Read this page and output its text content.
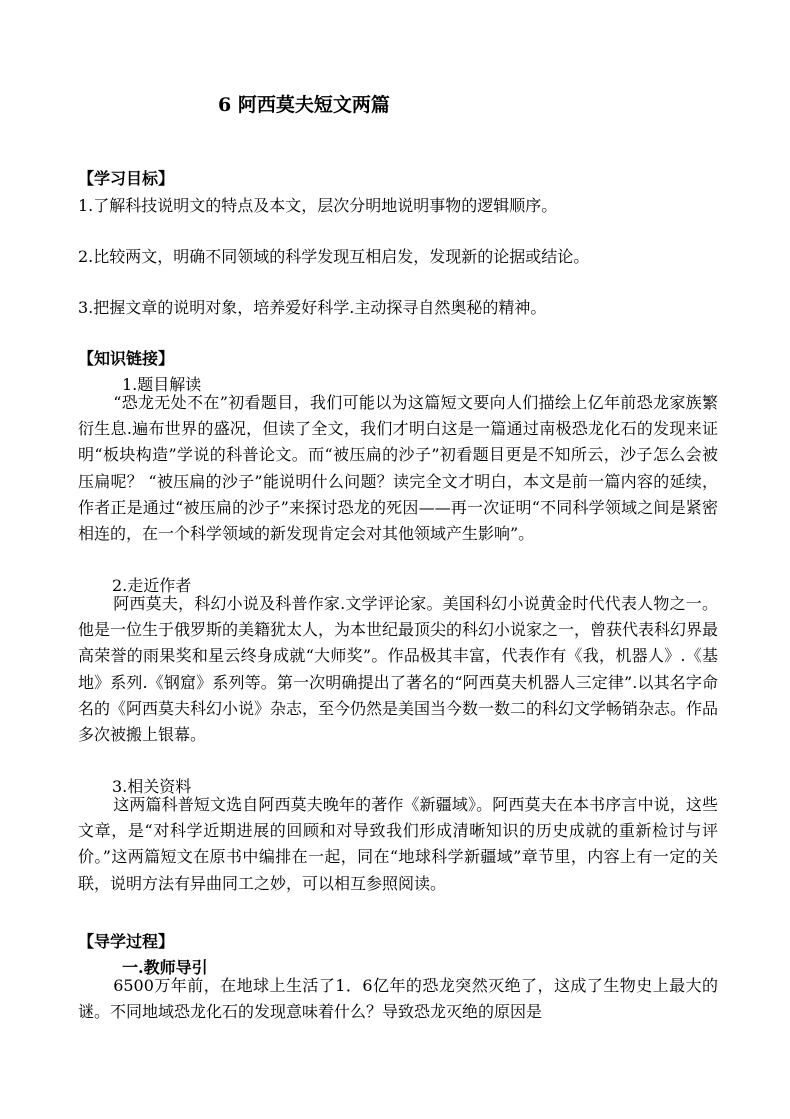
6 阿西莫夫短文两篇
【学习目标】
1.了解科技说明文的特点及本文，层次分明地说明事物的逻辑顺序。
2.比较两文，明确不同领域的科学发现互相启发，发现新的论据或结论。
3.把握文章的说明对象，培养爱好科学.主动探寻自然奥秘的精神。
【知识链接】
1.题目解读
“恐龙无处不在”初看题目，我们可能以为这篇短文要向人们描绘上亿年前恐龙家族繁衍生息.遍布世界的盛况，但读了全文，我们才明白这是一篇通过南极恐龙化石的发现来证明“板块构造”学说的科普论文。而“被压扁的沙子”初看题目更是不知所云，沙子怎么会被压扁呢？ “被压扁的沙子”能说明什么问题？读完全文才明白，本文是前一篇内容的延续，作者正是通过“被压扁的沙子”来探讨恐龙的死因——再一次证明“不同科学领域之间是紧密相连的，在一个科学领域的新发现肯定会对其他领域产生影响”。
2.走近作者
阿西莫夫，科幻小说及科普作家.文学评论家。美国科幻小说黄金时代代表人物之一。他是一位生于俄罗斯的美籍犹太人，为本世纪最顶尖的科幻小说家之一，曾获代表科幻界最高荣誉的雨果奖和星云终身成就“大师奖”。作品极其丰富，代表作有《我，机器人》.《基地》系列.《钢窟》系列等。第一次明确提出了著名的“阿西莫夫机器人三定律”.以其名字命名的《阿西莫夫科幻小说》杂志，至今仍然是美国当今数一数二的科幻文学畅销杂志。作品多次被搬上银幕。
3.相关资料
这两篇科普短文选自阿西莫夫晚年的著作《新疆域》。阿西莫夫在本书序言中说，这些文章，是“对科学近期进展的回顾和对导致我们形成清晰知识的历史成就的重新检讨与评价。”这两篇短文在原书中编排在一起，同在“地球科学新疆域”章节里，内容上有一定的关联，说明方法有异曲同工之妙，可以相互参照阅读。
【导学过程】
一.教师导引
6500万年前，在地球上生活了1．6亿年的恐龙突然灭绝了，这成了生物史上最大的谜。不同地域恐龙化石的发现意味着什么？导致恐龙灭绝的原因是
